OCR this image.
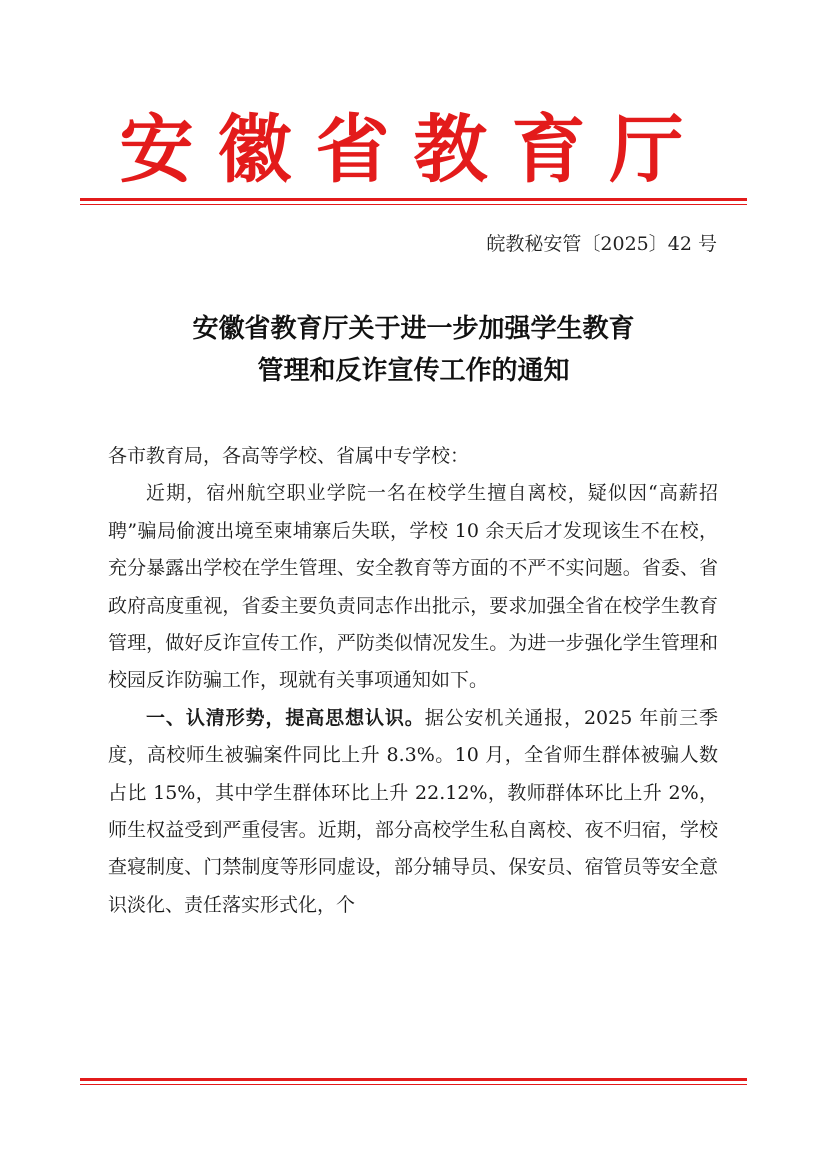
安徽省教育厅
皖教秘安管〔2025〕42 号
安徽省教育厅关于进一步加强学生教育
管理和反诈宣传工作的通知

各市教育局，各高等学校、省属中专学校：

近期，宿州航空职业学院一名在校学生擅自离校，疑似因“高薪招聘”骗局偷渡出境至柬埔寨后失联，学校 10 余天后才发现该生不在校，充分暴露出学校在学生管理、安全教育等方面的不严不实问题。省委、省政府高度重视，省委主要负责同志作出批示，要求加强全省在校学生教育管理，做好反诈宣传工作，严防类似情况发生。为进一步强化学生管理和校园反诈防骗工作，现就有关事项通知如下。

一、认清形势，提高思想认识。据公安机关通报，2025 年前三季度，高校师生被骗案件同比上升 8.3%。10 月，全省师生群体被骗人数占比 15%，其中学生群体环比上升 22.12%，教师群体环比上升 2%，师生权益受到严重侵害。近期，部分高校学生私自离校、夜不归宿，学校查寝制度、门禁制度等形同虚设，部分辅导员、保安员、宿管员等安全意识淡化、责任落实形式化，个
